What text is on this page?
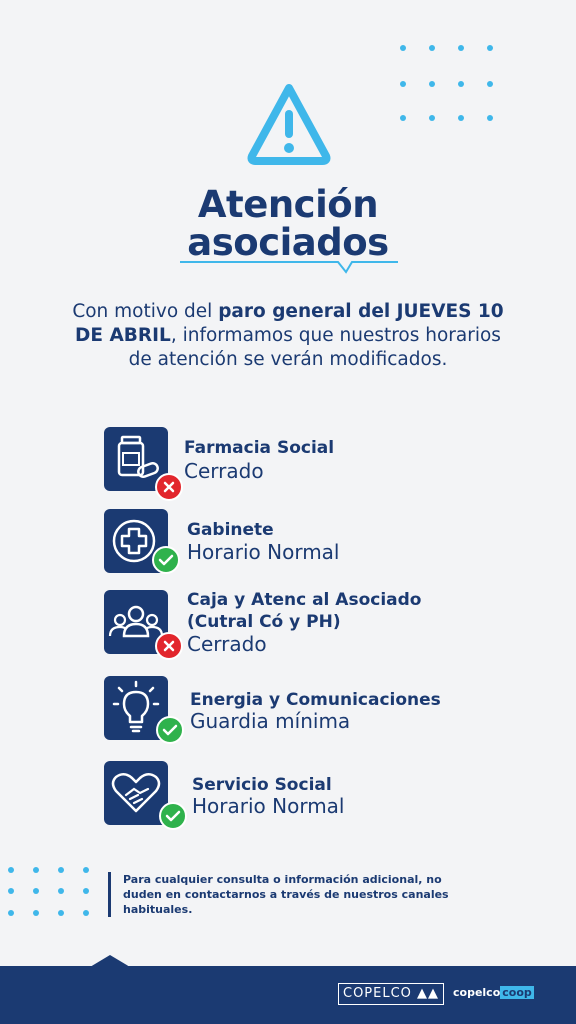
Atención
asociados
Con motivo del paro general del JUEVES 10 DE ABRIL, informamos que nuestros horarios de atención se verán modificados.
Farmacia Social
Cerrado
Gabinete
Horario Normal
Caja y Atenc al Asociado
(Cutral Có y PH)
Cerrado
Energia y Comunicaciones
Guardia mínima
Servicio Social
Horario Normal
Para cualquier consulta o información adicional, no duden en contactarnos a través de nuestros canales habituales.
COPELCO ▲▲	copelco coop
